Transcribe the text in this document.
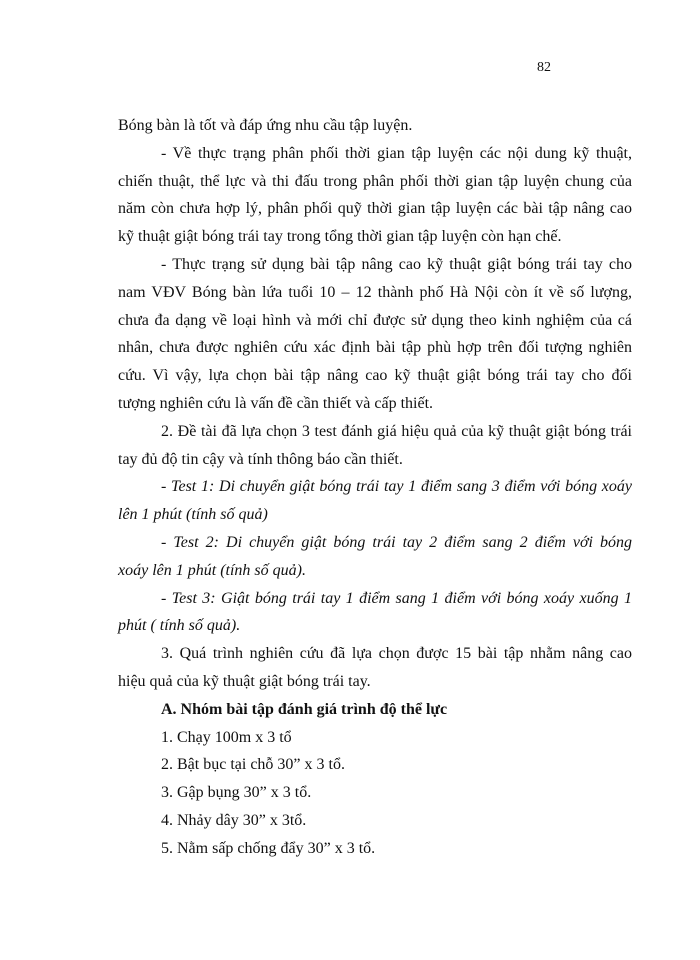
82
Bóng bàn là tốt và đáp ứng nhu cầu tập luyện.
- Về thực trạng phân phối thời gian tập luyện các nội dung kỹ thuật,
chiến thuật, thể lực và thi đấu trong phân phối thời gian tập luyện chung của
năm còn chưa hợp lý, phân phối quỹ thời gian tập luyện các bài tập nâng cao
kỹ thuật giật bóng trái tay trong tổng thời gian tập luyện còn hạn chế.
- Thực trạng sử dụng bài tập nâng cao kỹ thuật giật bóng trái tay cho
nam VĐV Bóng bàn lứa tuổi 10 – 12 thành phố Hà Nội còn ít về số lượng,
chưa đa dạng về loại hình và mới chỉ được sử dụng theo kinh nghiệm của cá
nhân, chưa được nghiên cứu xác định bài tập phù hợp trên đối tượng nghiên
cứu. Vì vậy, lựa chọn bài tập nâng cao kỹ thuật giật bóng trái tay cho đối
tượng nghiên cứu là vấn đề cần thiết và cấp thiết.
2. Đề tài đã lựa chọn 3 test đánh giá hiệu quả của kỹ thuật giật bóng trái
tay đủ độ tin cậy và tính thông báo cần thiết.
- Test 1: Di chuyển giật bóng trái tay 1 điểm sang 3 điểm với bóng xoáy
lên 1 phút (tính số quả)
- Test 2: Di chuyển giật bóng trái tay 2 điểm sang 2 điểm với bóng
xoáy lên 1 phút (tính số quả).
- Test 3: Giật bóng trái tay 1 điểm sang 1 điểm với bóng xoáy xuống 1
phút ( tính số quả).
3. Quá trình nghiên cứu đã lựa chọn được 15 bài tập nhằm nâng cao
hiệu quả của kỹ thuật giật bóng trái tay.
A. Nhóm bài tập đánh giá trình độ thể lực
1. Chạy 100m x 3 tổ
2. Bật bục tại chỗ 30” x 3 tổ.
3. Gập bụng 30” x 3 tổ.
4. Nhảy dây 30” x 3tổ.
5. Nằm sấp chống đẩy 30” x 3 tổ.
